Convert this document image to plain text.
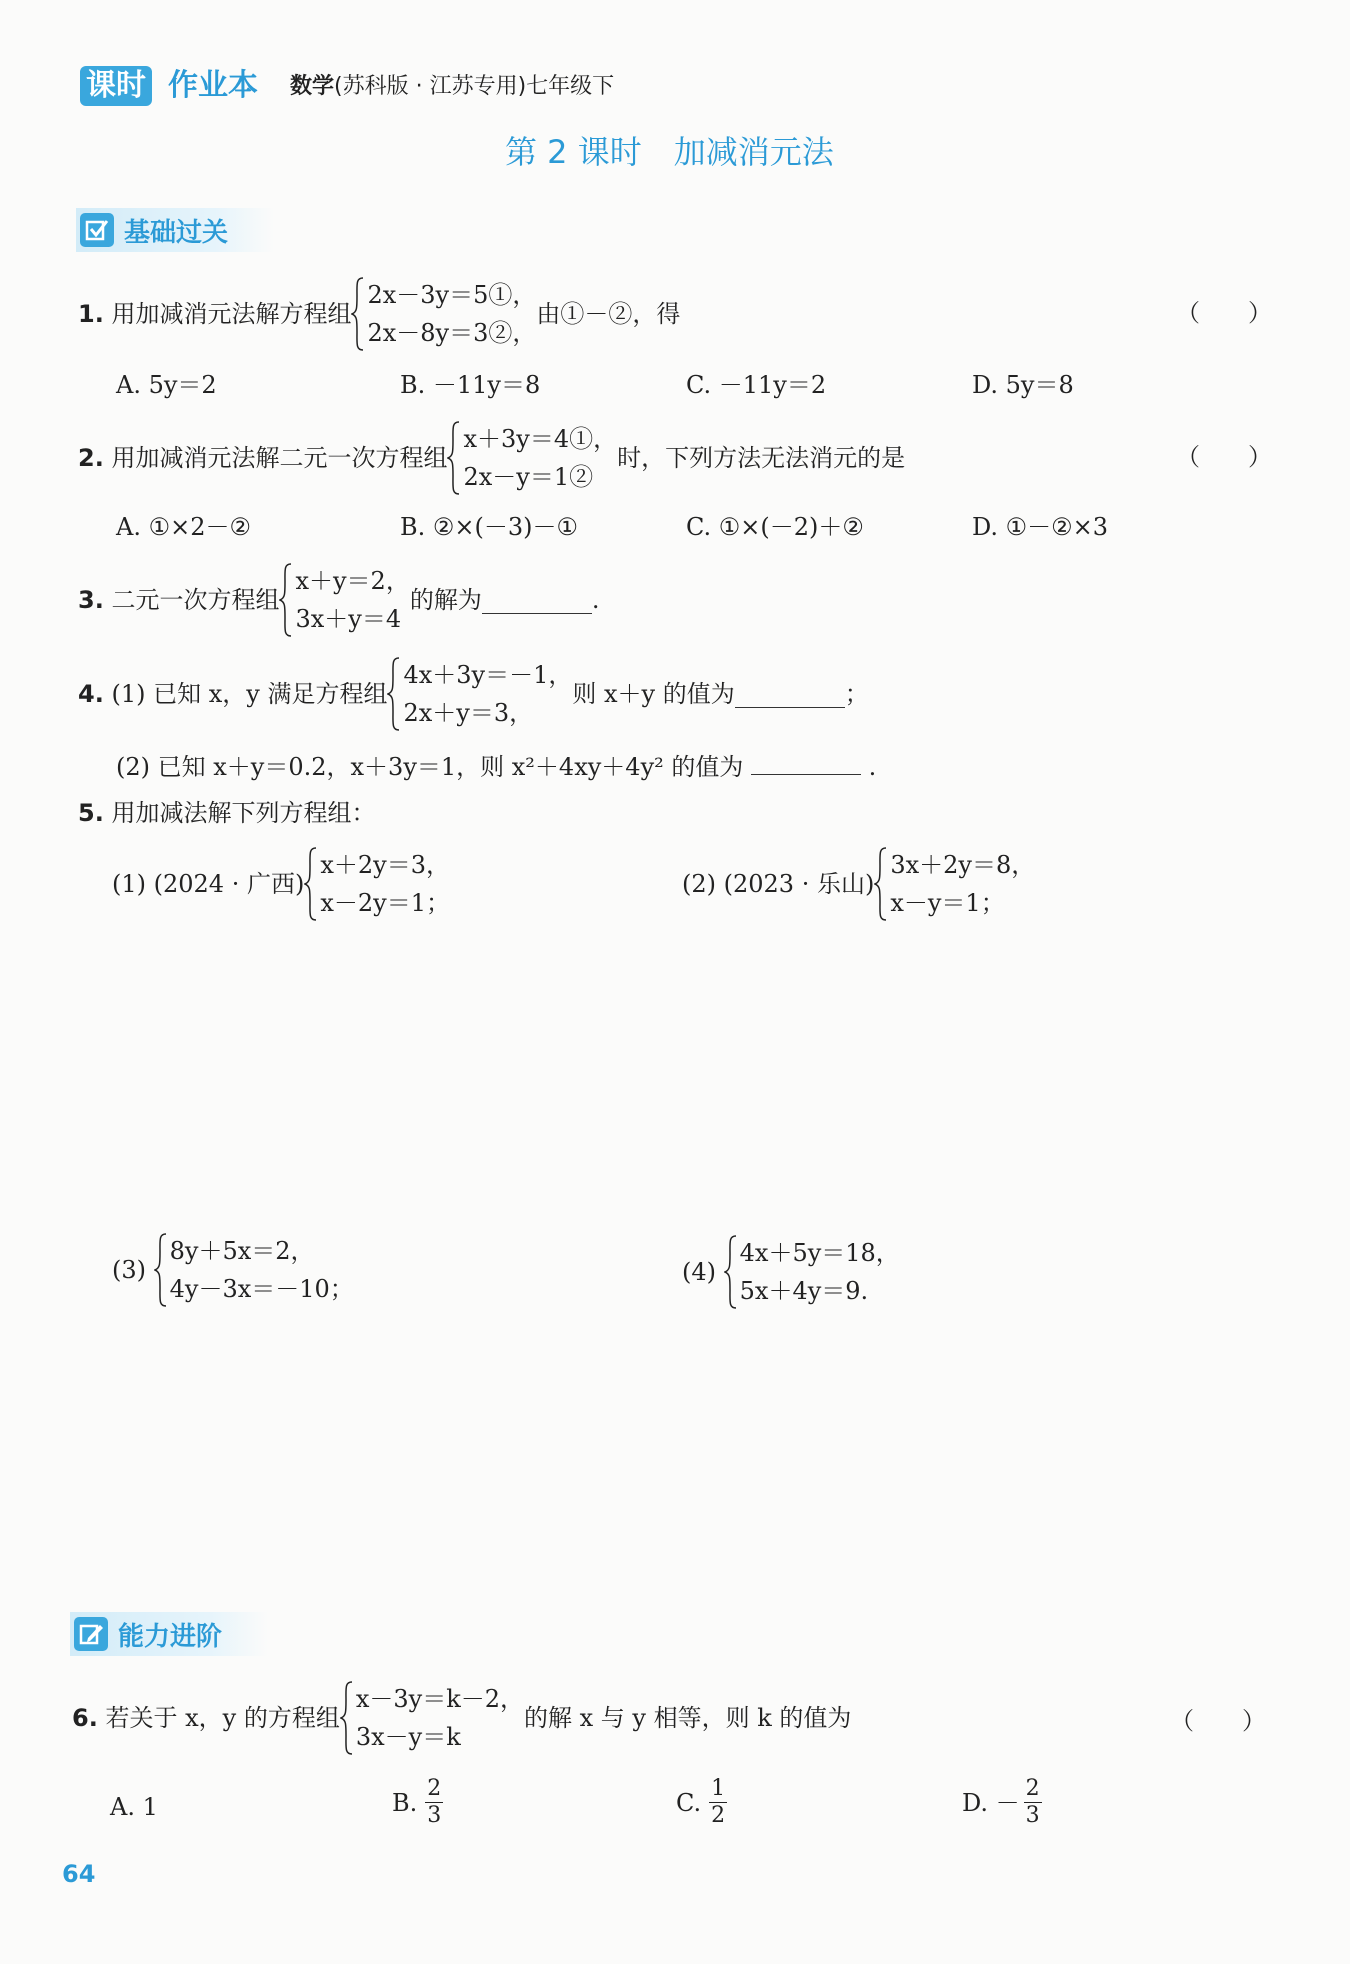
课时 作业本 数学(苏科版 · 江苏专用)七年级下
第 2 课时　加减消元法
基础过关
1.
用加减消元法解方程组
2x－3y＝5①，
2x－8y＝3②，
由①－②，得	（　　）
A. 5y＝2	B. －11y＝8	C. －11y＝2	D. 5y＝8
2.
用加减消元法解二元一次方程组
x＋3y＝4①，
2x－y＝1②
时，下列方法无法消元的是	（　　）
A. ①×2－②	B. ②×(－3)－①	C. ①×(－2)＋②	D. ①－②×3
3.
二元一次方程组
x＋y＝2，
3x＋y＝4
的解为	.
4.
(1) 已知 x，y 满足方程组
4x＋3y＝－1，
2x＋y＝3，
则 x＋y 的值为	；
(2) 已知 x＋y＝0.2，x＋3y＝1，则 x²＋4xy＋4y² 的值为	.
5. 用加减法解下列方程组：
(1) (2024 · 广西)
x＋2y＝3，
x－2y＝1；
(2) (2023 · 乐山)
3x＋2y＝8，
x－y＝1；
(3)

8y＋5x＝2，
4y－3x＝－10；
(4)

4x＋5y＝18，
5x＋4y＝9.
能力进阶
6.
若关于 x，y 的方程组
x－3y＝k－2，
3x－y＝k
的解 x 与 y 相等，则 k 的值为	（　　）
A. 1	B. $\frac{2}{3}$	C. $\frac{1}{2}$	D. － $\frac{2}{3}$
64
